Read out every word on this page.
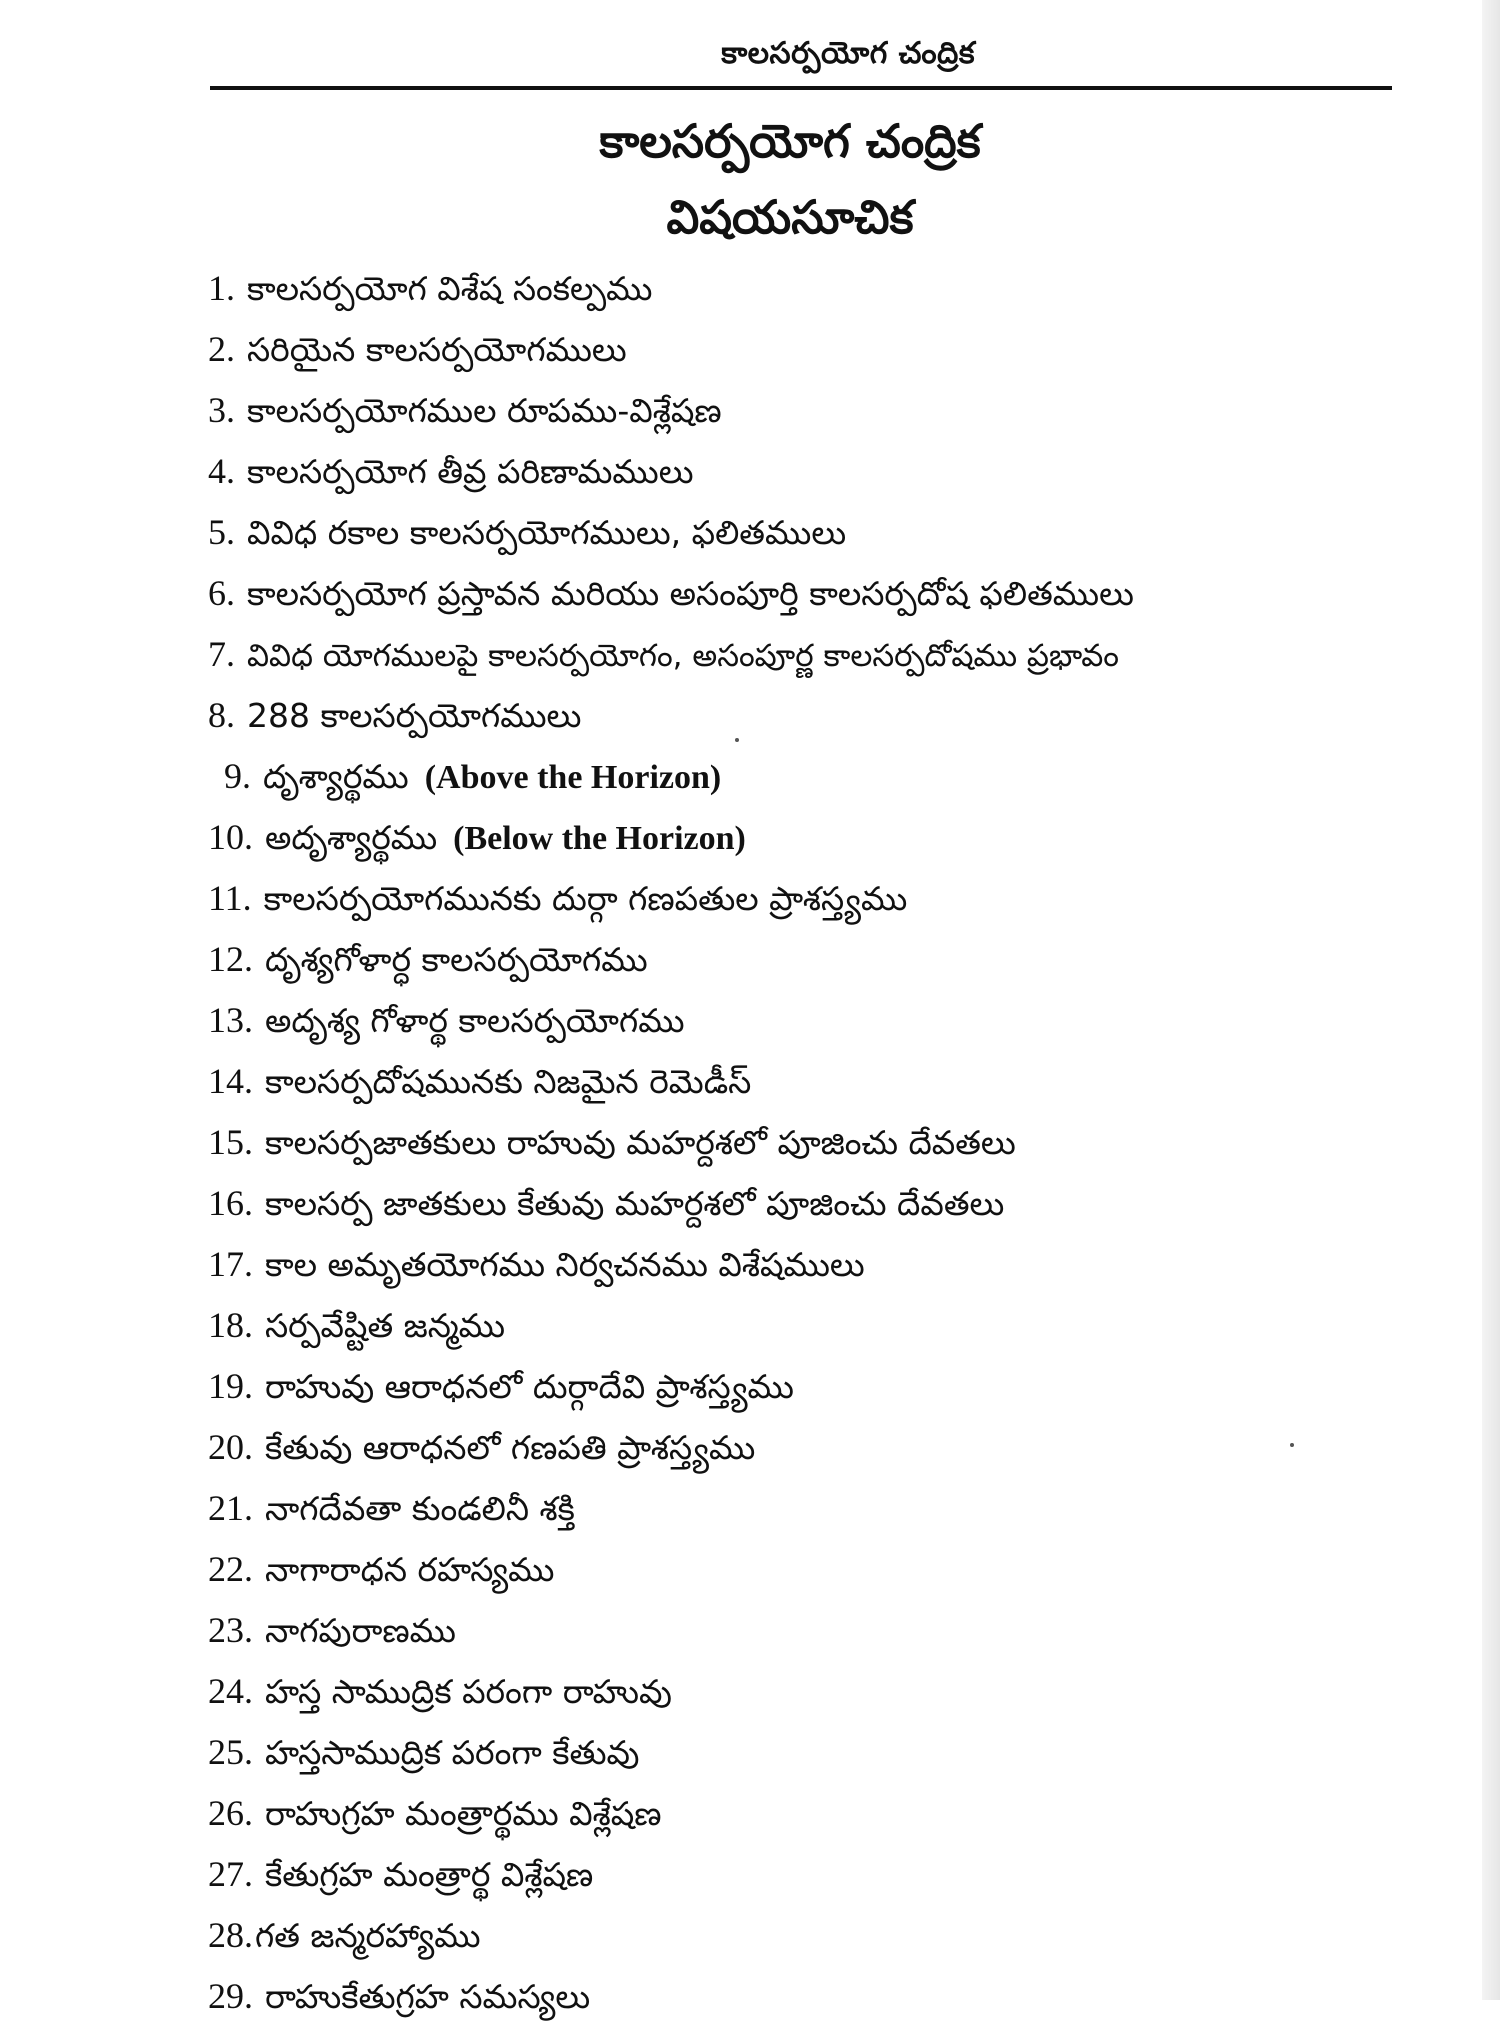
కాలసర్పయోగ చంద్రిక
కాలసర్పయోగ చంద్రిక
విషయసూచిక
1. కాలసర్పయోగ విశేష సంకల్పము
2. సరియైన కాలసర్పయోగములు
3. కాలసర్పయోగముల రూపము-విశ్లేషణ
4. కాలసర్పయోగ తీవ్ర పరిణామములు
5. వివిధ రకాల కాలసర్పయోగములు, ఫలితములు
6. కాలసర్పయోగ ప్రస్తావన మరియు అసంపూర్తి కాలసర్పదోష ఫలితములు
7. వివిధ యోగములపై కాలసర్పయోగం, అసంపూర్ణ కాలసర్పదోషము ప్రభావం
8. 288 కాలసర్పయోగములు
9. దృశ్యార్థము (Above the Horizon)
10. అదృశ్యార్థము (Below the Horizon)
11. కాలసర్పయోగమునకు దుర్గా గణపతుల ప్రాశస్త్యము
12. దృశ్యగోళార్ధ కాలసర్పయోగము
13. అదృశ్య గోళార్థ కాలసర్పయోగము
14. కాలసర్పదోషమునకు నిజమైన రెమెడీస్
15. కాలసర్పజాతకులు రాహువు మహర్దశలో పూజించు దేవతలు
16. కాలసర్ప జాతకులు కేతువు మహర్దశలో పూజించు దేవతలు
17. కాల అమృతయోగము నిర్వచనము విశేషములు
18. సర్పవేష్టిత జన్మము
19. రాహువు ఆరాధనలో దుర్గాదేవి ప్రాశస్త్యము
20. కేతువు ఆరాధనలో గణపతి ప్రాశస్త్యము
21. నాగదేవతా కుండలినీ శక్తి
22. నాగారాధన రహస్యము
23. నాగపురాణము
24. హస్త సాముద్రిక పరంగా రాహువు
25. హస్తసాముద్రిక పరంగా కేతువు
26. రాహుగ్రహ మంత్రార్థము విశ్లేషణ
27. కేతుగ్రహ మంత్రార్థ విశ్లేషణ
28.గత జన్మరహ్యాము
29. రాహుకేతుగ్రహ సమస్యలు
